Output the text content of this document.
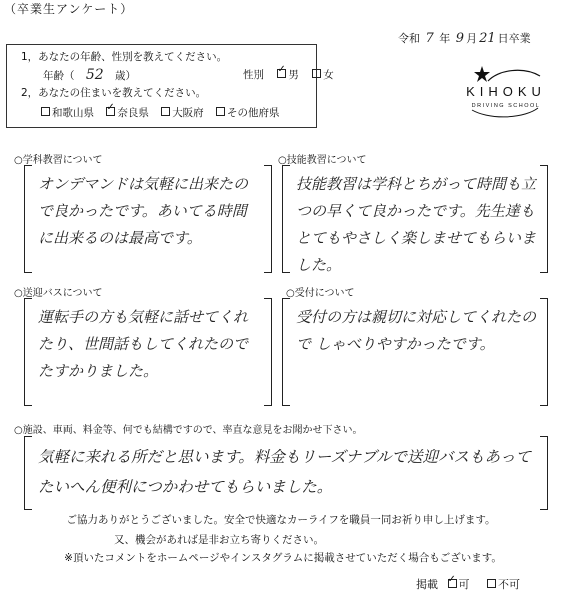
（卒業生アンケート）
令和 7 年 9 月 21 日卒業
1，あなたの年齢、性別を教えてください。
年齢（ 52 歳）	性別 ✓ 男 女
2，あなたの住まいを教えてください。
和歌山県 ✓ 奈良県 大阪府 その他府県
KIHOKU
DRIVING SCHOOL
○学科教習について
オンデマンドは気軽に出来たので良かったです。あいてる時間に出来るのは最高です。
○技能教習について
技能教習は学科とちがって時間も立つの早くて良かったです。先生達もとてもやさしく楽しませてもらいました。
○送迎バスについて
運転手の方も気軽に話せてくれたり、世間話もしてくれたので たすかりました。
○受付について
受付の方は親切に対応してくれたので しゃべりやすかったです。
○施設、車両、料金等、何でも結構ですので、率直な意見をお聞かせ下さい。
気軽に来れる所だと思います。料金もリーズナブルで送迎バスもあって たいへん便利につかわせてもらいました。
ご協力ありがとうございました。安全で快適なカーライフを職員一同お祈り申し上げます。
又、機会があれば是非お立ち寄りください。
※頂いたコメントをホームページやインスタグラムに掲載させていただく場合もございます。
掲載 ✓ 可	不可
